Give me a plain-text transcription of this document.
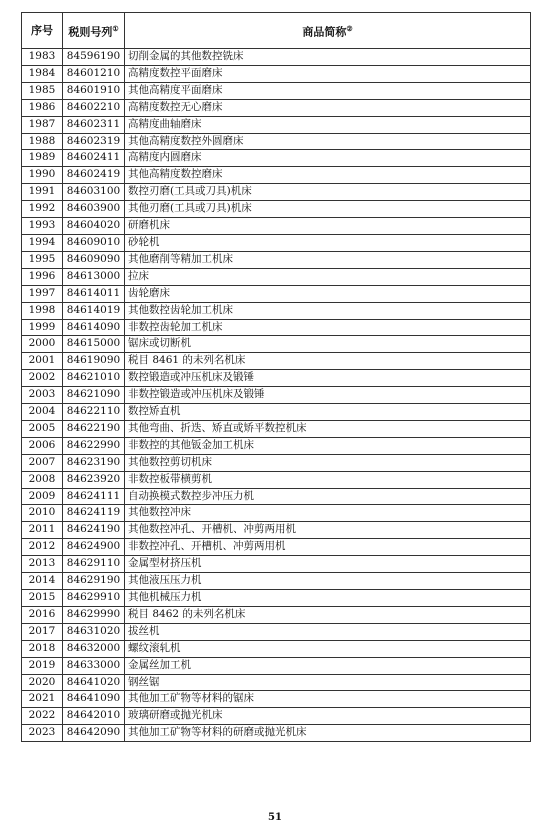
序号	税则号列①	商品简称②
1983	84596190	切削金属的其他数控铣床
1984	84601210	高精度数控平面磨床
1985	84601910	其他高精度平面磨床
1986	84602210	高精度数控无心磨床
1987	84602311	高精度曲轴磨床
1988	84602319	其他高精度数控外圆磨床
1989	84602411	高精度内圆磨床
1990	84602419	其他高精度数控磨床
1991	84603100	数控刃磨(工具或刀具)机床
1992	84603900	其他刃磨(工具或刀具)机床
1993	84604020	研磨机床
1994	84609010	砂轮机
1995	84609090	其他磨削等精加工机床
1996	84613000	拉床
1997	84614011	齿轮磨床
1998	84614019	其他数控齿轮加工机床
1999	84614090	非数控齿轮加工机床
2000	84615000	锯床或切断机
2001	84619090	税目 8461 的未列名机床
2002	84621010	数控锻造或冲压机床及锻锤
2003	84621090	非数控锻造或冲压机床及锻锤
2004	84622110	数控矫直机
2005	84622190	其他弯曲、折迭、矫直或矫平数控机床
2006	84622990	非数控的其他钣金加工机床
2007	84623190	其他数控剪切机床
2008	84623920	非数控板带横剪机
2009	84624111	自动换模式数控步冲压力机
2010	84624119	其他数控冲床
2011	84624190	其他数控冲孔、开槽机、冲剪两用机
2012	84624900	非数控冲孔、开槽机、冲剪两用机
2013	84629110	金属型材挤压机
2014	84629190	其他液压压力机
2015	84629910	其他机械压力机
2016	84629990	税目 8462 的未列名机床
2017	84631020	拔丝机
2018	84632000	螺纹滚轧机
2019	84633000	金属丝加工机
2020	84641020	钢丝锯
2021	84641090	其他加工矿物等材料的锯床
2022	84642010	玻璃研磨或抛光机床
2023	84642090	其他加工矿物等材料的研磨或抛光机床
51
